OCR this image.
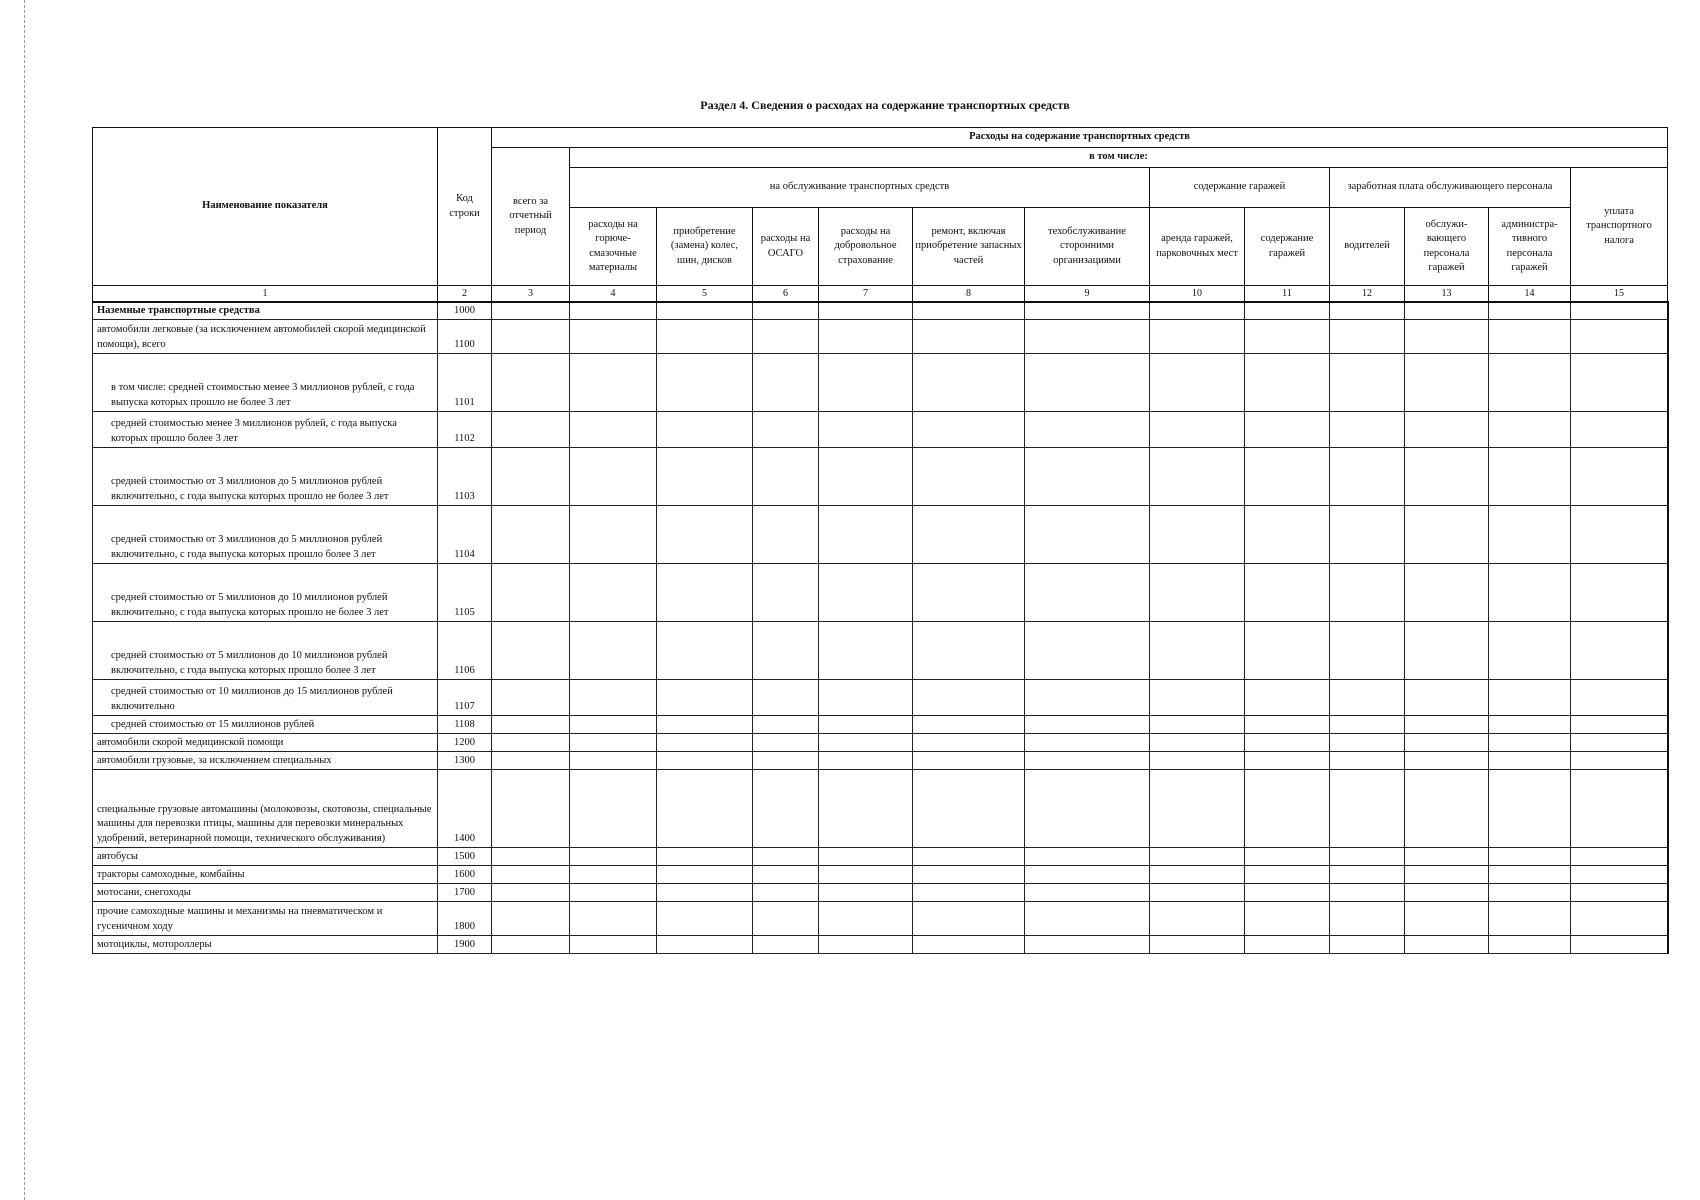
Раздел 4. Сведения о расходах на содержание транспортных средств
Наименование показателя	Код строки	Расходы на содержание транспортных средств												
		всего за отчетный период	в том числе:											
			на обслуживание транспортных средств						содержание гаражей		заработная плата обслуживающего персонала			уплата транспортного налога
			расходы на горюче-смазочные материалы	приобретение (замена) колес, шин, дисков	расходы на ОСАГО	расходы на добровольное страхование	ремонт, включая приобретение запасных частей	техобслуживание сторонними организациями	аренда гаражей, парковочных мест	содержание гаражей	водителей	обслужи-вающего персонала гаражей	администра-тивного персонала гаражей	
1	2	3	4	5	6	7	8	9	10	11	12	13	14	15
Наземные транспортные средства	1000													
автомобили легковые (за исключением автомобилей скорой медицинской помощи), всего	1100													
в том числе: средней стоимостью менее 3 миллионов рублей, с года выпуска которых прошло не более 3 лет	1101													
средней стоимостью менее 3 миллионов рублей, с года выпуска которых прошло более 3 лет	1102													
средней стоимостью от 3 миллионов до 5 миллионов рублей включительно, с года выпуска которых прошло не более 3 лет	1103													
средней стоимостью от 3 миллионов до 5 миллионов рублей включительно, с года выпуска которых прошло более 3 лет	1104													
средней стоимостью от 5 миллионов до 10 миллионов рублей включительно, с года выпуска которых прошло не более 3 лет	1105													
средней стоимостью от 5 миллионов до 10 миллионов рублей включительно, с года выпуска которых прошло более 3 лет	1106													
средней стоимостью от 10 миллионов до 15 миллионов рублей включительно	1107													
средней стоимостью от 15 миллионов рублей	1108													
автомобили скорой медицинской помощи	1200													
автомобили грузовые, за исключением специальных	1300													
специальные грузовые автомашины (молоковозы, скотовозы, специальные машины для перевозки птицы, машины для перевозки минеральных удобрений, ветеринарной помощи, технического обслуживания)	1400													
автобусы	1500													
тракторы самоходные, комбайны	1600													
мотосани, снегоходы	1700													
прочие самоходные машины и механизмы на пневматическом и гусеничном ходу	1800													
мотоциклы, мотороллеры	1900													
